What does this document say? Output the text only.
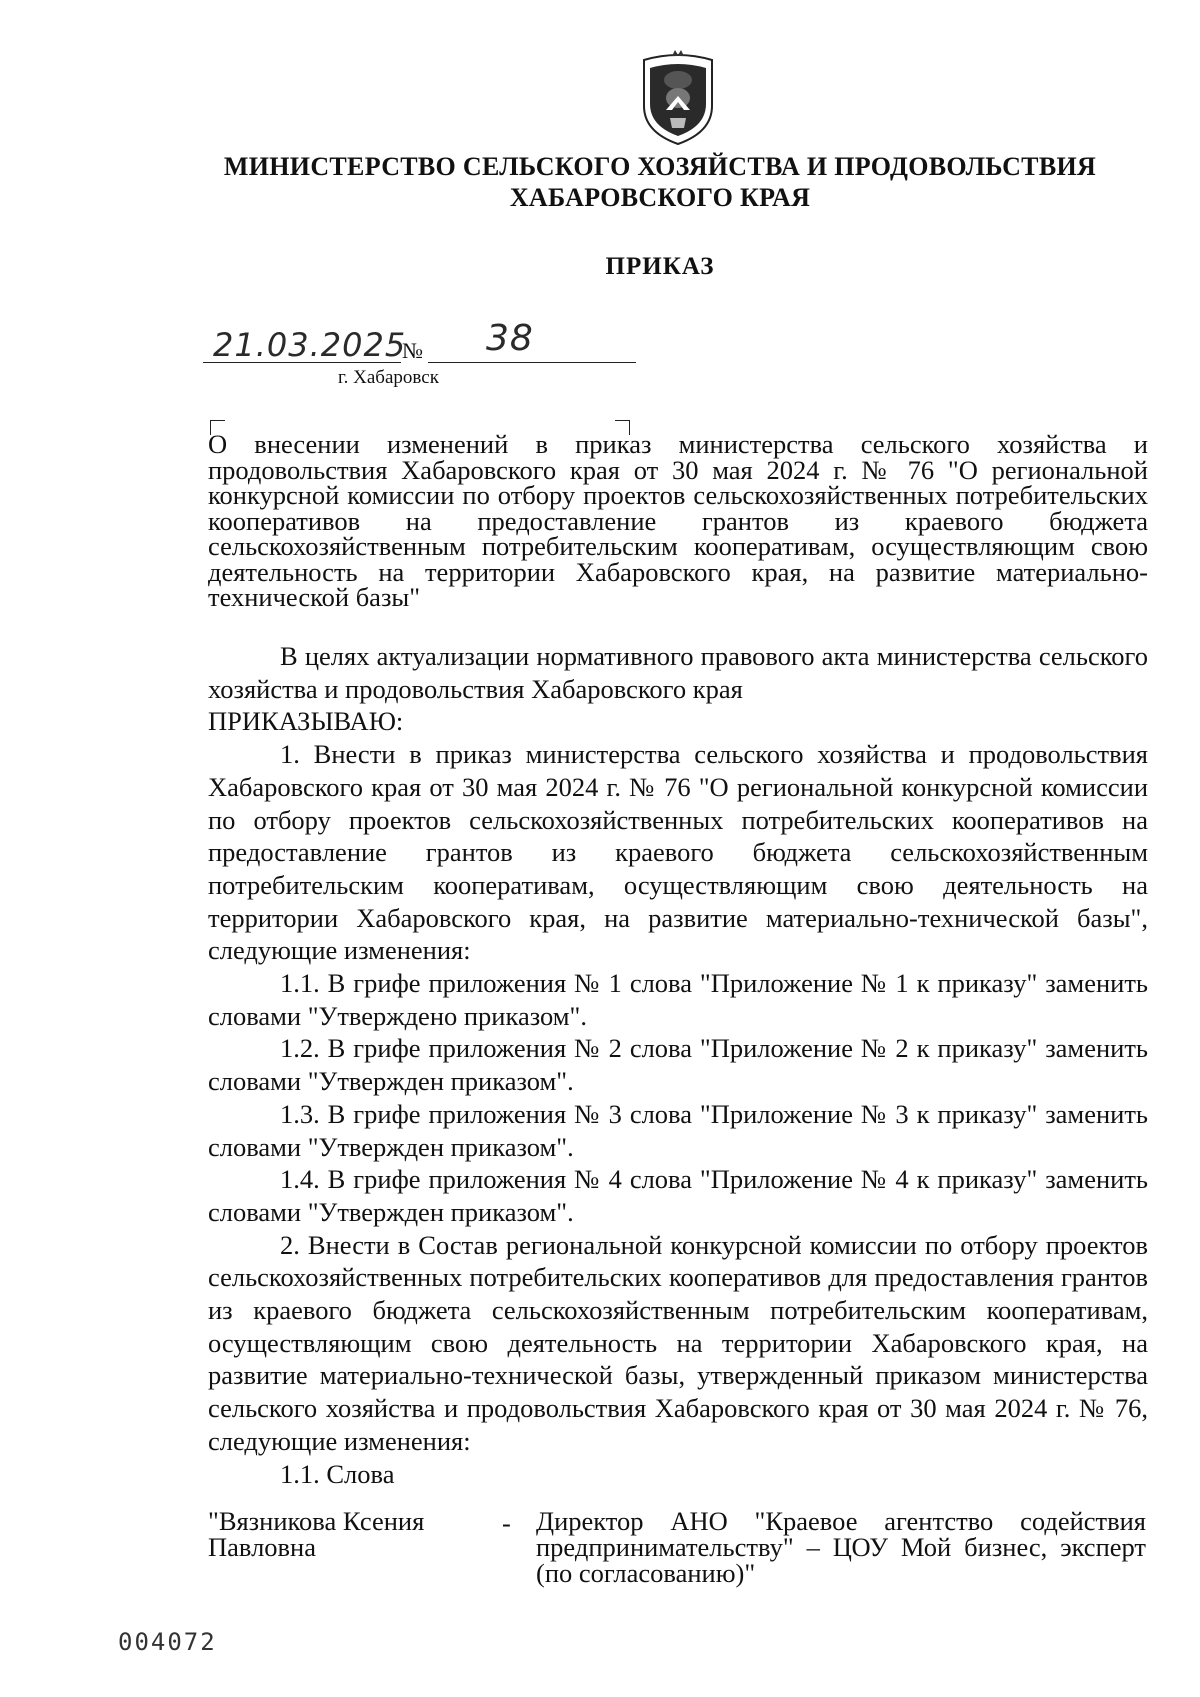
МИНИСТЕРСТВО СЕЛЬСКОГО ХОЗЯЙСТВА И ПРОДОВОЛЬСТВИЯ
ХАБАРОВСКОГО КРАЯ
ПРИКАЗ
21.03.2025
№ 38
г. Хабаровск
О внесении изменений в приказ министерства сельского хозяйства и продовольствия Хабаровского края от 30 мая 2024 г. № 76 "О региональной конкурсной комиссии по отбору проектов сельскохозяйственных потребительских кооперативов на предоставление грантов из краевого бюджета сельскохозяйственным потребительским кооперативам, осуществляющим свою деятельность на территории Хабаровского края, на развитие материально-технической базы"

В целях актуализации нормативного правового акта министерства сельского хозяйства и продовольствия Хабаровского края

ПРИКАЗЫВАЮ:

1. Внести в приказ министерства сельского хозяйства и продовольствия Хабаровского края от 30 мая 2024 г. № 76 "О региональной конкурсной комиссии по отбору проектов сельскохозяйственных потребительских кооперативов на предоставление грантов из краевого бюджета сельскохозяйственным потребительским кооперативам, осуществляющим свою деятельность на территории Хабаровского края, на развитие материально-технической базы", следующие изменения:

1.1. В грифе приложения № 1 слова "Приложение № 1 к приказу" заменить словами "Утверждено приказом".

1.2. В грифе приложения № 2 слова "Приложение № 2 к приказу" заменить словами "Утвержден приказом".

1.3. В грифе приложения № 3 слова "Приложение № 3 к приказу" заменить словами "Утвержден приказом".

1.4. В грифе приложения № 4 слова "Приложение № 4 к приказу" заменить словами "Утвержден приказом".

2. Внести в Состав региональной конкурсной комиссии по отбору проектов сельскохозяйственных потребительских кооперативов для предоставления грантов из краевого бюджета сельскохозяйственным потребительским кооперативам, осуществляющим свою деятельность на территории Хабаровского края, на развитие материально-технической базы, утвержденный приказом министерства сельского хозяйства и продовольствия Хабаровского края от 30 мая 2024 г. № 76, следующие изменения:

1.1. Слова

"Вязникова Ксения Павловна
- Директор АНО "Краевое агентство содействия предпринимательству" – ЦОУ Мой бизнес, эксперт (по согласованию)"
004072
